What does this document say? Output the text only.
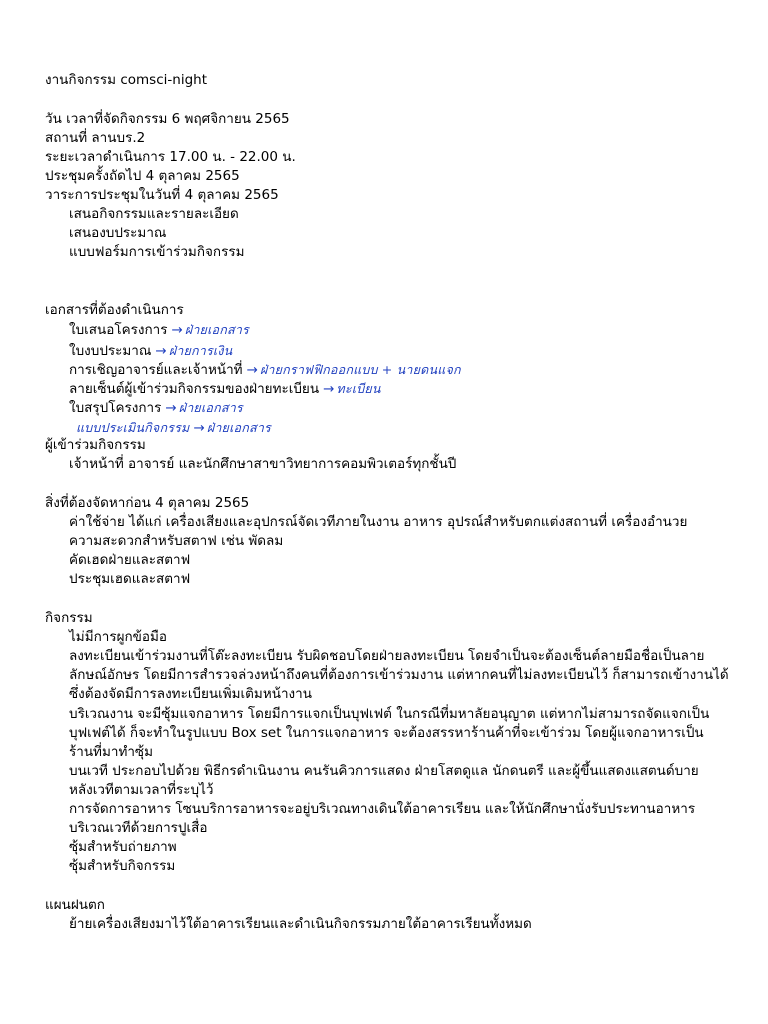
งานกิจกรรม comsci-night
วัน เวลาที่จัดกิจกรรม 6 พฤศจิกายน 2565
สถานที่ ลานบร.2
ระยะเวลาดำเนินการ 17.00 น. - 22.00 น.
ประชุมครั้งถัดไป 4 ตุลาคม 2565
วาระการประชุมในวันที่ 4 ตุลาคม 2565
เสนอกิจกรรมและรายละเอียด
เสนองบประมาณ
แบบฟอร์มการเข้าร่วมกิจกรรม
เอกสารที่ต้องดำเนินการ
ใบเสนอโครงการ → ฝ่ายเอกสาร
ใบงบประมาณ → ฝ่ายการเงิน
การเชิญอาจารย์และเจ้าหน้าที่ → ฝ่ายกราฟฟิกออกแบบ + นายดนแจก
ลายเซ็นต์ผู้เข้าร่วมกิจกรรมของฝ่ายทะเบียน → ทะเบียน
ใบสรุปโครงการ → ฝ่ายเอกสาร
แบบประเมินกิจกรรม → ฝ่ายเอกสาร
ผู้เข้าร่วมกิจกรรม
เจ้าหน้าที่ อาจารย์ และนักศึกษาสาขาวิทยาการคอมพิวเตอร์ทุกชั้นปี
สิ่งที่ต้องจัดหาก่อน 4 ตุลาคม 2565
ค่าใช้จ่าย ได้แก่ เครื่องเสียงและอุปกรณ์จัดเวทีภายในงาน อาหาร อุปรณ์สำหรับตกแต่งสถานที่ เครื่องอำนวย
ความสะดวกสำหรับสตาฟ เช่น พัดลม
คัดเฮดฝ่ายและสตาฟ
ประชุมเฮดและสตาฟ
กิจกรรม
ไม่มีการผูกข้อมือ
ลงทะเบียนเข้าร่วมงานที่โต๊ะลงทะเบียน รับผิดชอบโดยฝ่ายลงทะเบียน โดยจำเป็นจะต้องเซ็นต์ลายมือชื่อเป็นลาย
ลักษณ์อักษร โดยมีการสำรวจล่วงหน้าถึงคนที่ต้องการเข้าร่วมงาน แต่หากคนที่ไม่ลงทะเบียนไว้ ก็สามารถเข้างานได้
ซึ่งต้องจัดมีการลงทะเบียนเพิ่มเติมหน้างาน
บริเวณงาน จะมีซุ้มแจกอาหาร โดยมีการแจกเป็นบุฟเฟต์ ในกรณีที่มหาลัยอนุญาต แต่หากไม่สามารถจัดแจกเป็น
บุฟเฟต์ได้ ก็จะทำในรูปแบบ Box set ในการแจกอาหาร จะต้องสรรหาร้านค้าที่จะเข้าร่วม โดยผู้แจกอาหารเป็น
ร้านที่มาทำซุ้ม
บนเวที ประกอบไปด้วย พิธีกรดำเนินงาน คนรันคิวการแสดง ฝ่ายโสตดูแล นักดนตรี และผู้ขึ้นแสดงแสตนด์บาย
หลังเวทีตามเวลาที่ระบุไว้
การจัดการอาหาร โซนบริการอาหารจะอยู่บริเวณทางเดินใต้อาคารเรียน และให้นักศึกษานั่งรับประทานอาหาร
บริเวณเวทีด้วยการปูเสื่อ
ซุ้มสำหรับถ่ายภาพ
ซุ้มสำหรับกิจกรรม
แผนฝนตก
ย้ายเครื่องเสียงมาไว้ใต้อาคารเรียนและดำเนินกิจกรรมภายใต้อาคารเรียนทั้งหมด
